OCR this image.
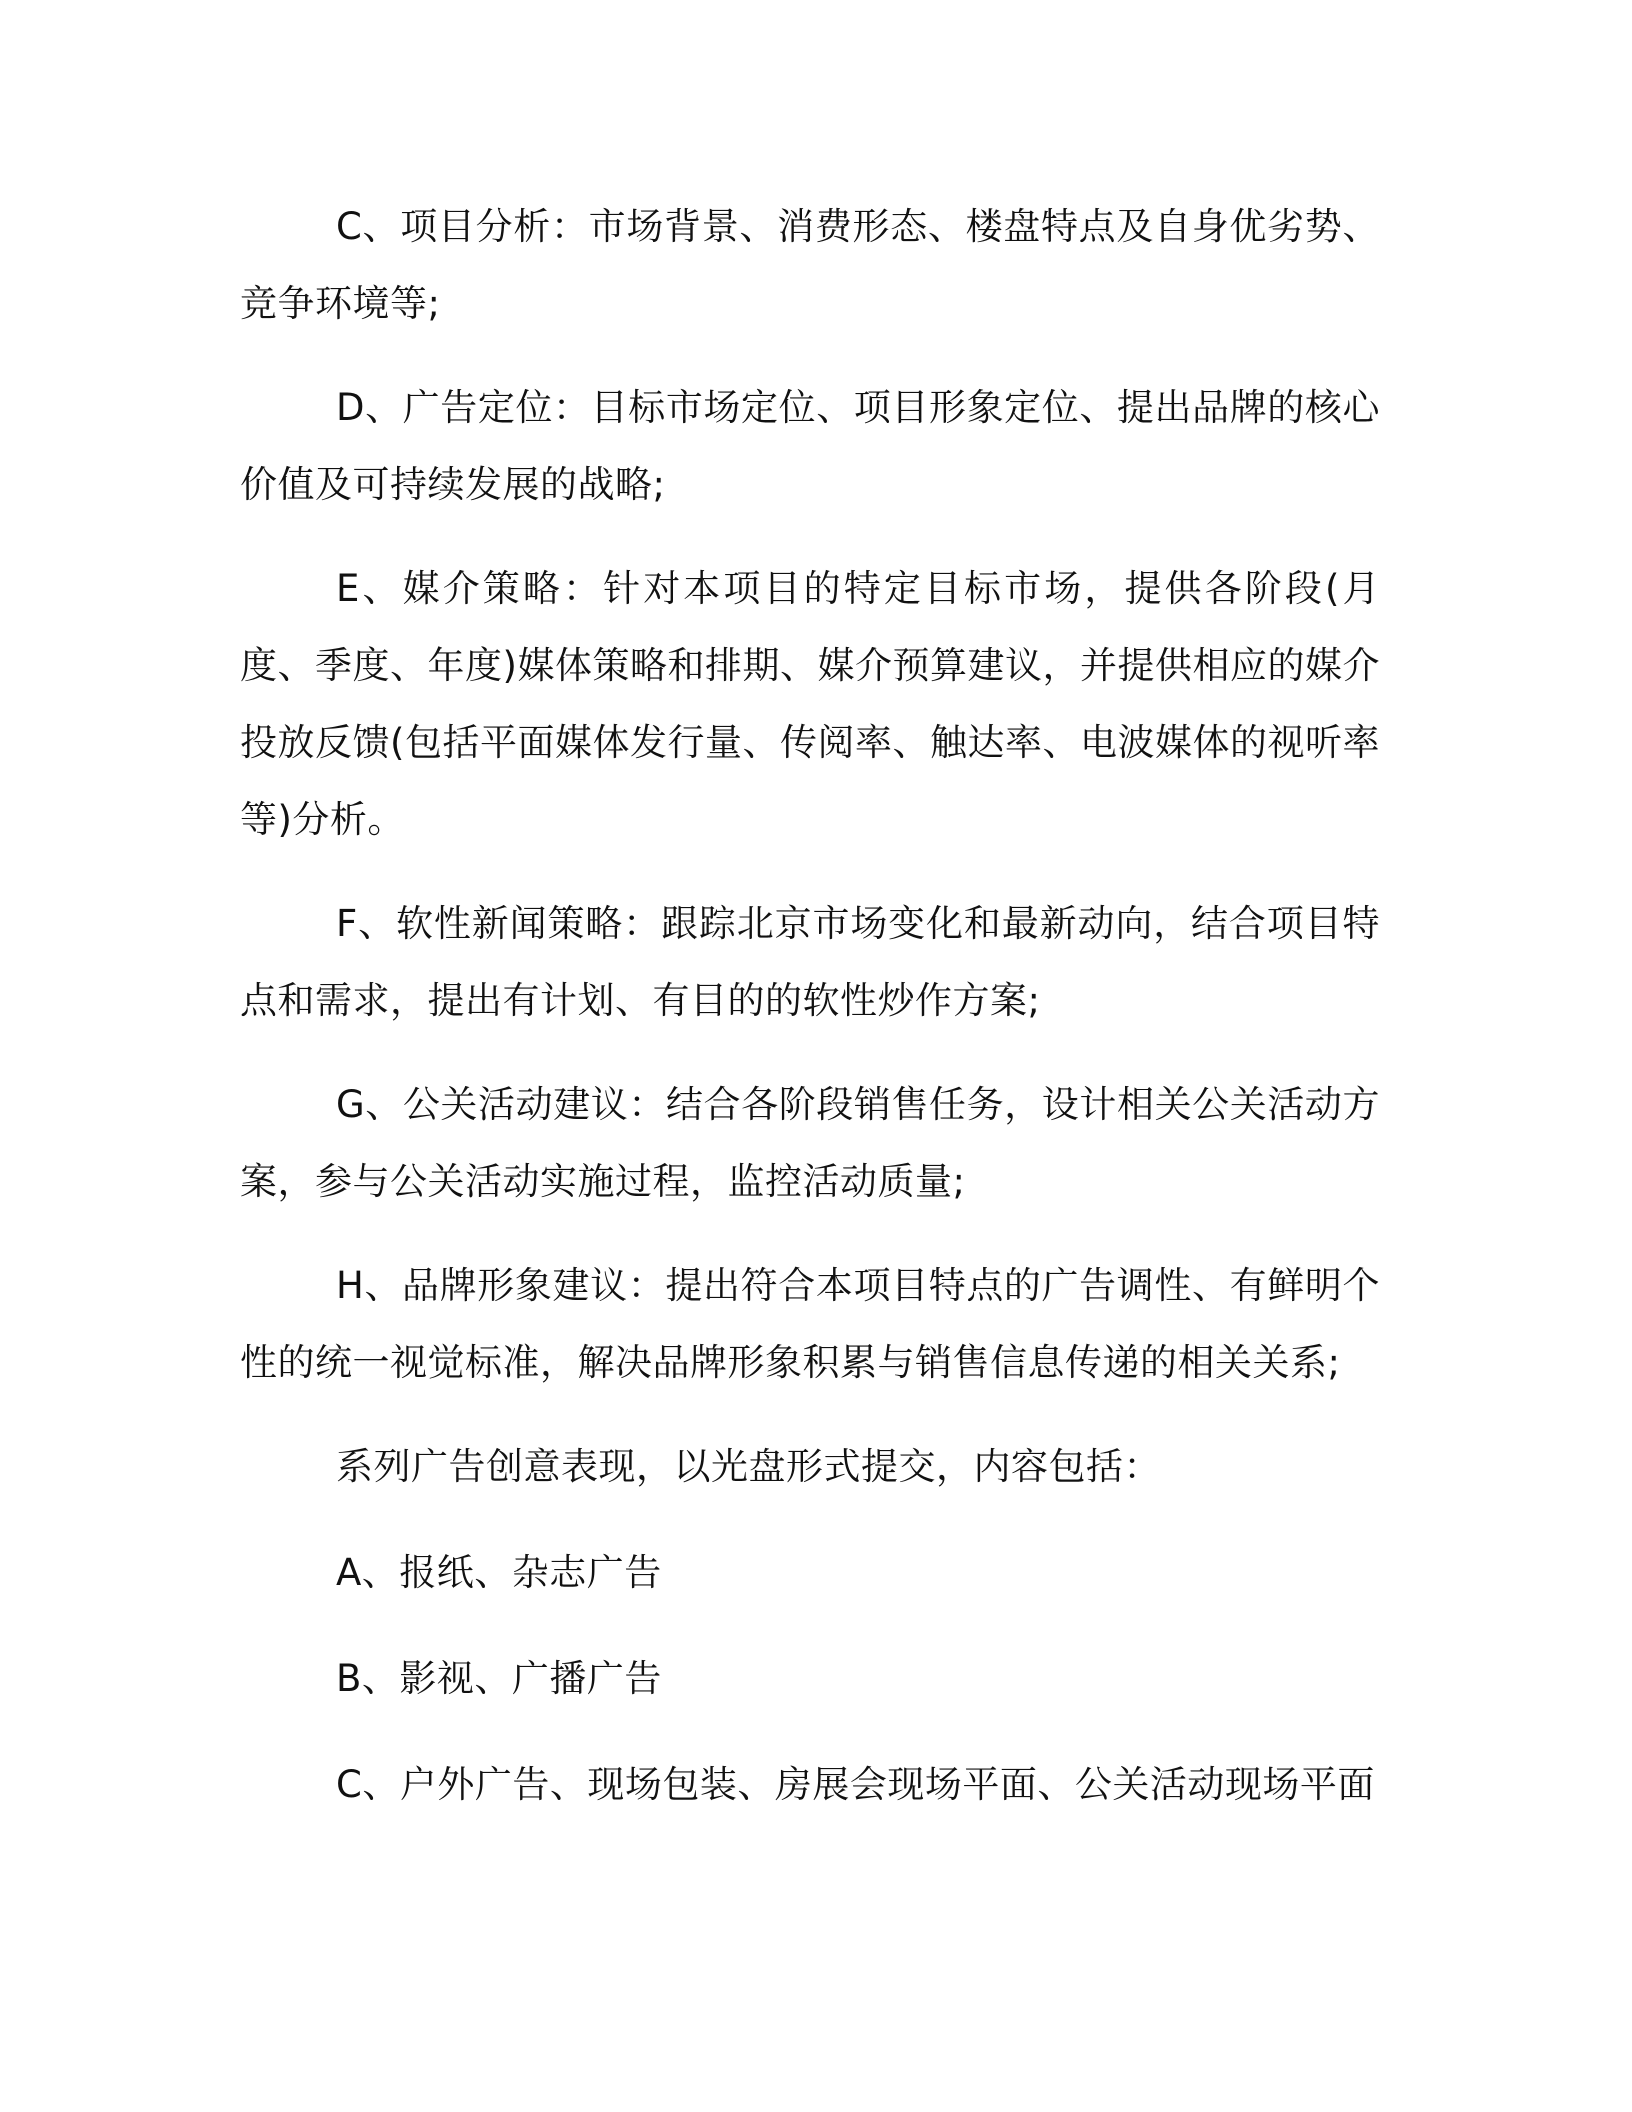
C、项目分析：市场背景、消费形态、楼盘特点及自身优劣势、竞争环境等;

D、广告定位：目标市场定位、项目形象定位、提出品牌的核心价值及可持续发展的战略;

E、媒介策略：针对本项目的特定目标市场，提供各阶段(月度、季度、年度)媒体策略和排期、媒介预算建议，并提供相应的媒介投放反馈(包括平面媒体发行量、传阅率、触达率、电波媒体的视听率等)分析。

F、软性新闻策略：跟踪北京市场变化和最新动向，结合项目特点和需求，提出有计划、有目的的软性炒作方案;

G、公关活动建议：结合各阶段销售任务，设计相关公关活动方案，参与公关活动实施过程，监控活动质量;

H、品牌形象建议：提出符合本项目特点的广告调性、有鲜明个性的统一视觉标准，解决品牌形象积累与销售信息传递的相关关系;

系列广告创意表现，以光盘形式提交，内容包括：

A、报纸、杂志广告

B、影视、广播广告

C、户外广告、现场包装、房展会现场平面、公关活动现场平面
